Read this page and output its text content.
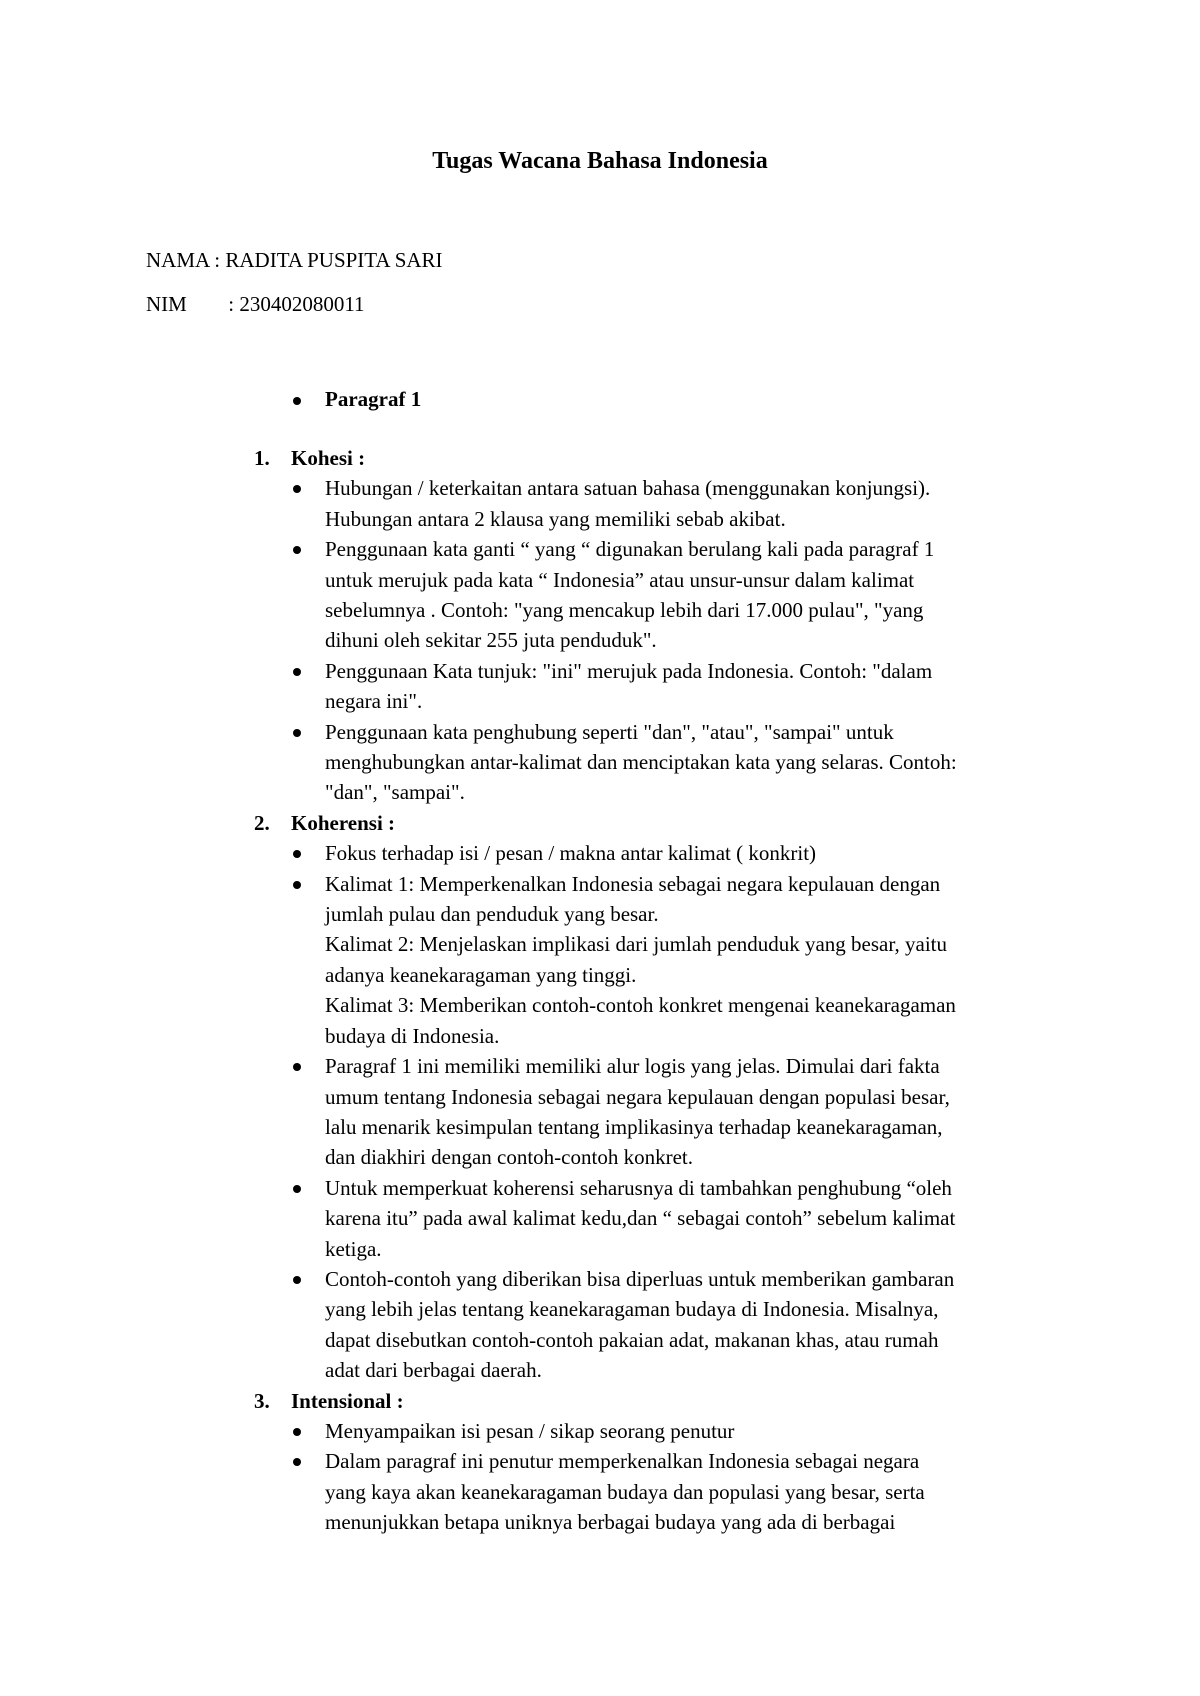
Tugas Wacana Bahasa Indonesia
NAMA : RADITA PUSPITA SARI
NIM : 230402080011
Paragraf 1
1. Kohesi :
Hubungan / keterkaitan antara satuan bahasa (menggunakan konjungsi).
Hubungan antara 2 klausa yang memiliki sebab akibat.
Penggunaan kata ganti “ yang “ digunakan berulang kali pada paragraf 1
untuk merujuk pada kata “ Indonesia” atau unsur-unsur dalam kalimat
sebelumnya . Contoh: "yang mencakup lebih dari 17.000 pulau", "yang
dihuni oleh sekitar 255 juta penduduk".
Penggunaan Kata tunjuk: "ini" merujuk pada Indonesia. Contoh: "dalam
negara ini".
Penggunaan kata penghubung seperti "dan", "atau", "sampai" untuk
menghubungkan antar-kalimat dan menciptakan kata yang selaras. Contoh:
"dan", "sampai".
2. Koherensi :
Fokus terhadap isi / pesan / makna antar kalimat ( konkrit)
Kalimat 1: Memperkenalkan Indonesia sebagai negara kepulauan dengan
jumlah pulau dan penduduk yang besar.
Kalimat 2: Menjelaskan implikasi dari jumlah penduduk yang besar, yaitu
adanya keanekaragaman yang tinggi.
Kalimat 3: Memberikan contoh-contoh konkret mengenai keanekaragaman
budaya di Indonesia.
Paragraf 1 ini memiliki memiliki alur logis yang jelas. Dimulai dari fakta
umum tentang Indonesia sebagai negara kepulauan dengan populasi besar,
lalu menarik kesimpulan tentang implikasinya terhadap keanekaragaman,
dan diakhiri dengan contoh-contoh konkret.
Untuk memperkuat koherensi seharusnya di tambahkan penghubung “oleh
karena itu” pada awal kalimat kedu,dan “ sebagai contoh” sebelum kalimat
ketiga.
Contoh-contoh yang diberikan bisa diperluas untuk memberikan gambaran
yang lebih jelas tentang keanekaragaman budaya di Indonesia. Misalnya,
dapat disebutkan contoh-contoh pakaian adat, makanan khas, atau rumah
adat dari berbagai daerah.
3. Intensional :
Menyampaikan isi pesan / sikap seorang penutur
Dalam paragraf ini penutur memperkenalkan Indonesia sebagai negara
yang kaya akan keanekaragaman budaya dan populasi yang besar, serta
menunjukkan betapa uniknya berbagai budaya yang ada di berbagai
